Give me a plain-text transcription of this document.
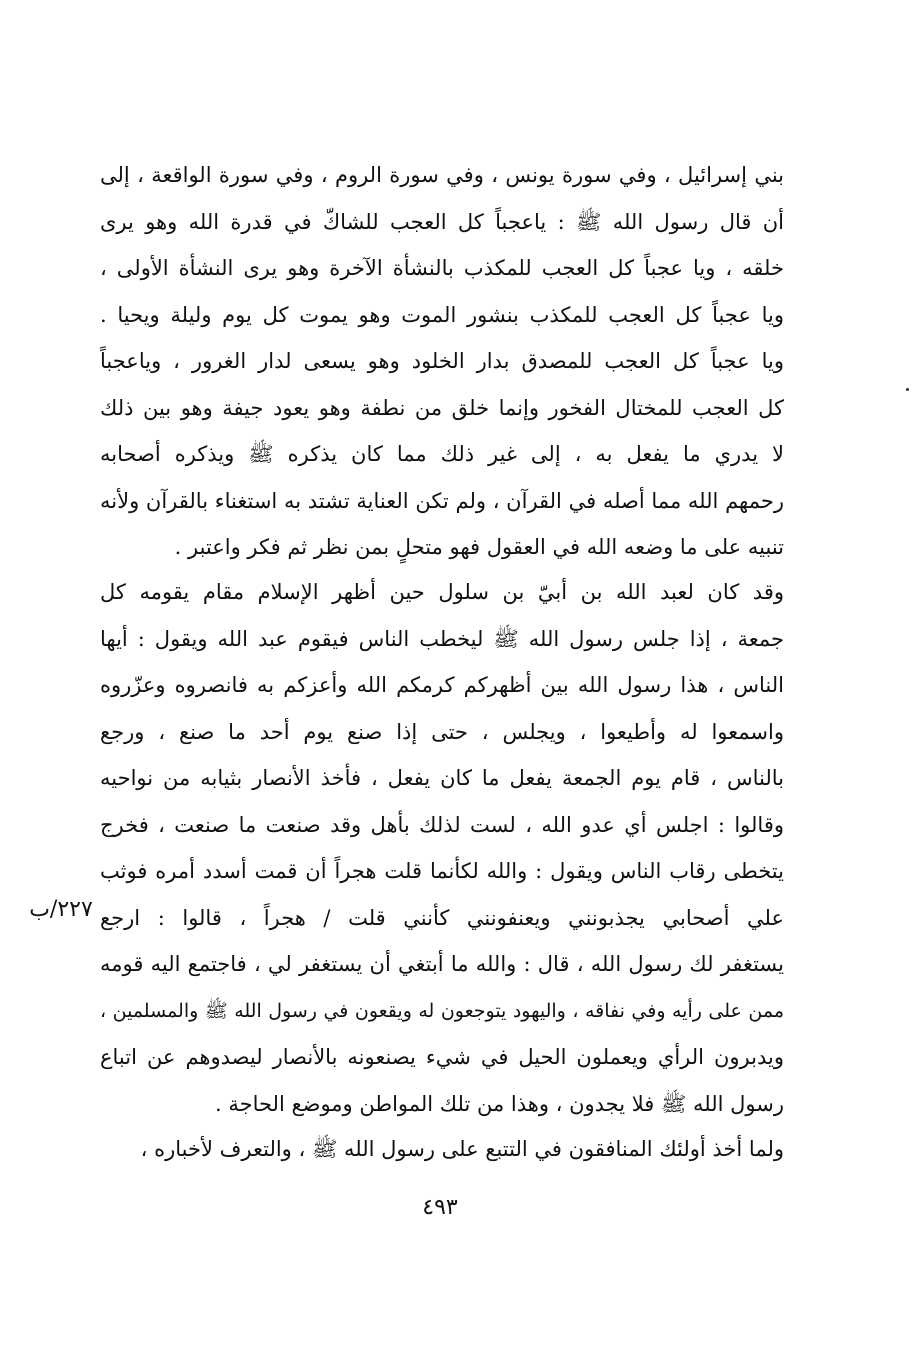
بني إسرائيل ، وفي سورة يونس ، وفي سورة الروم ، وفي سورة الواقعة ، إلى
أن قال رسول الله ﷺ : ياعجباً كل العجب للشاكّ في قدرة الله وهو يرى
خلقه ، ويا عجباً كل العجب للمكذب بالنشأة الآخرة وهو يرى النشأة الأولى ،
ويا عجباً كل العجب للمكذب بنشور الموت وهو يموت كل يوم وليلة ويحيا .
ويا عجباً كل العجب للمصدق بدار الخلود وهو يسعى لدار الغرور ، وياعجباً
كل العجب للمختال الفخور وإنما خلق من نطفة وهو يعود جيفة وهو بين ذلك
لا يدري ما يفعل به ، إلى غير ذلك مما كان يذكره ﷺ ويذكره أصحابه
رحمهم الله مما أصله في القرآن ، ولم تكن العناية تشتد به استغناء بالقرآن ولأنه
تنبيه على ما وضعه الله في العقول فهو متحلٍ بمن نظر ثم فكر واعتبر .
وقد كان لعبد الله بن أبيّ بن سلول حين أظهر الإسلام مقام يقومه كل
جمعة ، إذا جلس رسول الله ﷺ ليخطب الناس فيقوم عبد الله ويقول : أيها
الناس ، هذا رسول الله بين أظهركم كرمكم الله وأعزكم به فانصروه وعزّروه
واسمعوا له وأطيعوا ، ويجلس ، حتى إذا صنع يوم أحد ما صنع ، ورجع
بالناس ، قام يوم الجمعة يفعل ما كان يفعل ، فأخذ الأنصار بثيابه من نواحيه
وقالوا : اجلس أي عدو الله ، لست لذلك بأهل وقد صنعت ما صنعت ، فخرج
يتخطى رقاب الناس ويقول : والله لكأنما قلت هجراً أن قمت أسدد أمره فوثب
علي أصحابي يجذبونني ويعنفونني كأنني قلت / هجراً ، قالوا : ارجع
يستغفر لك رسول الله ، قال : والله ما أبتغي أن يستغفر لي ، فاجتمع اليه قومه
ممن على رأيه وفي نفاقه ، واليهود يتوجعون له ويقعون في رسول الله ﷺ والمسلمين ،
ويدبرون الرأي ويعملون الحيل في شيء يصنعونه بالأنصار ليصدوهم عن اتباع
رسول الله ﷺ فلا يجدون ، وهذا من تلك المواطن وموضع الحاجة .
ولما أخذ أولئك المنافقون في التتبع على رسول الله ﷺ ، والتعرف لأخباره ،
٢٢٧/ب
٤٩٣
